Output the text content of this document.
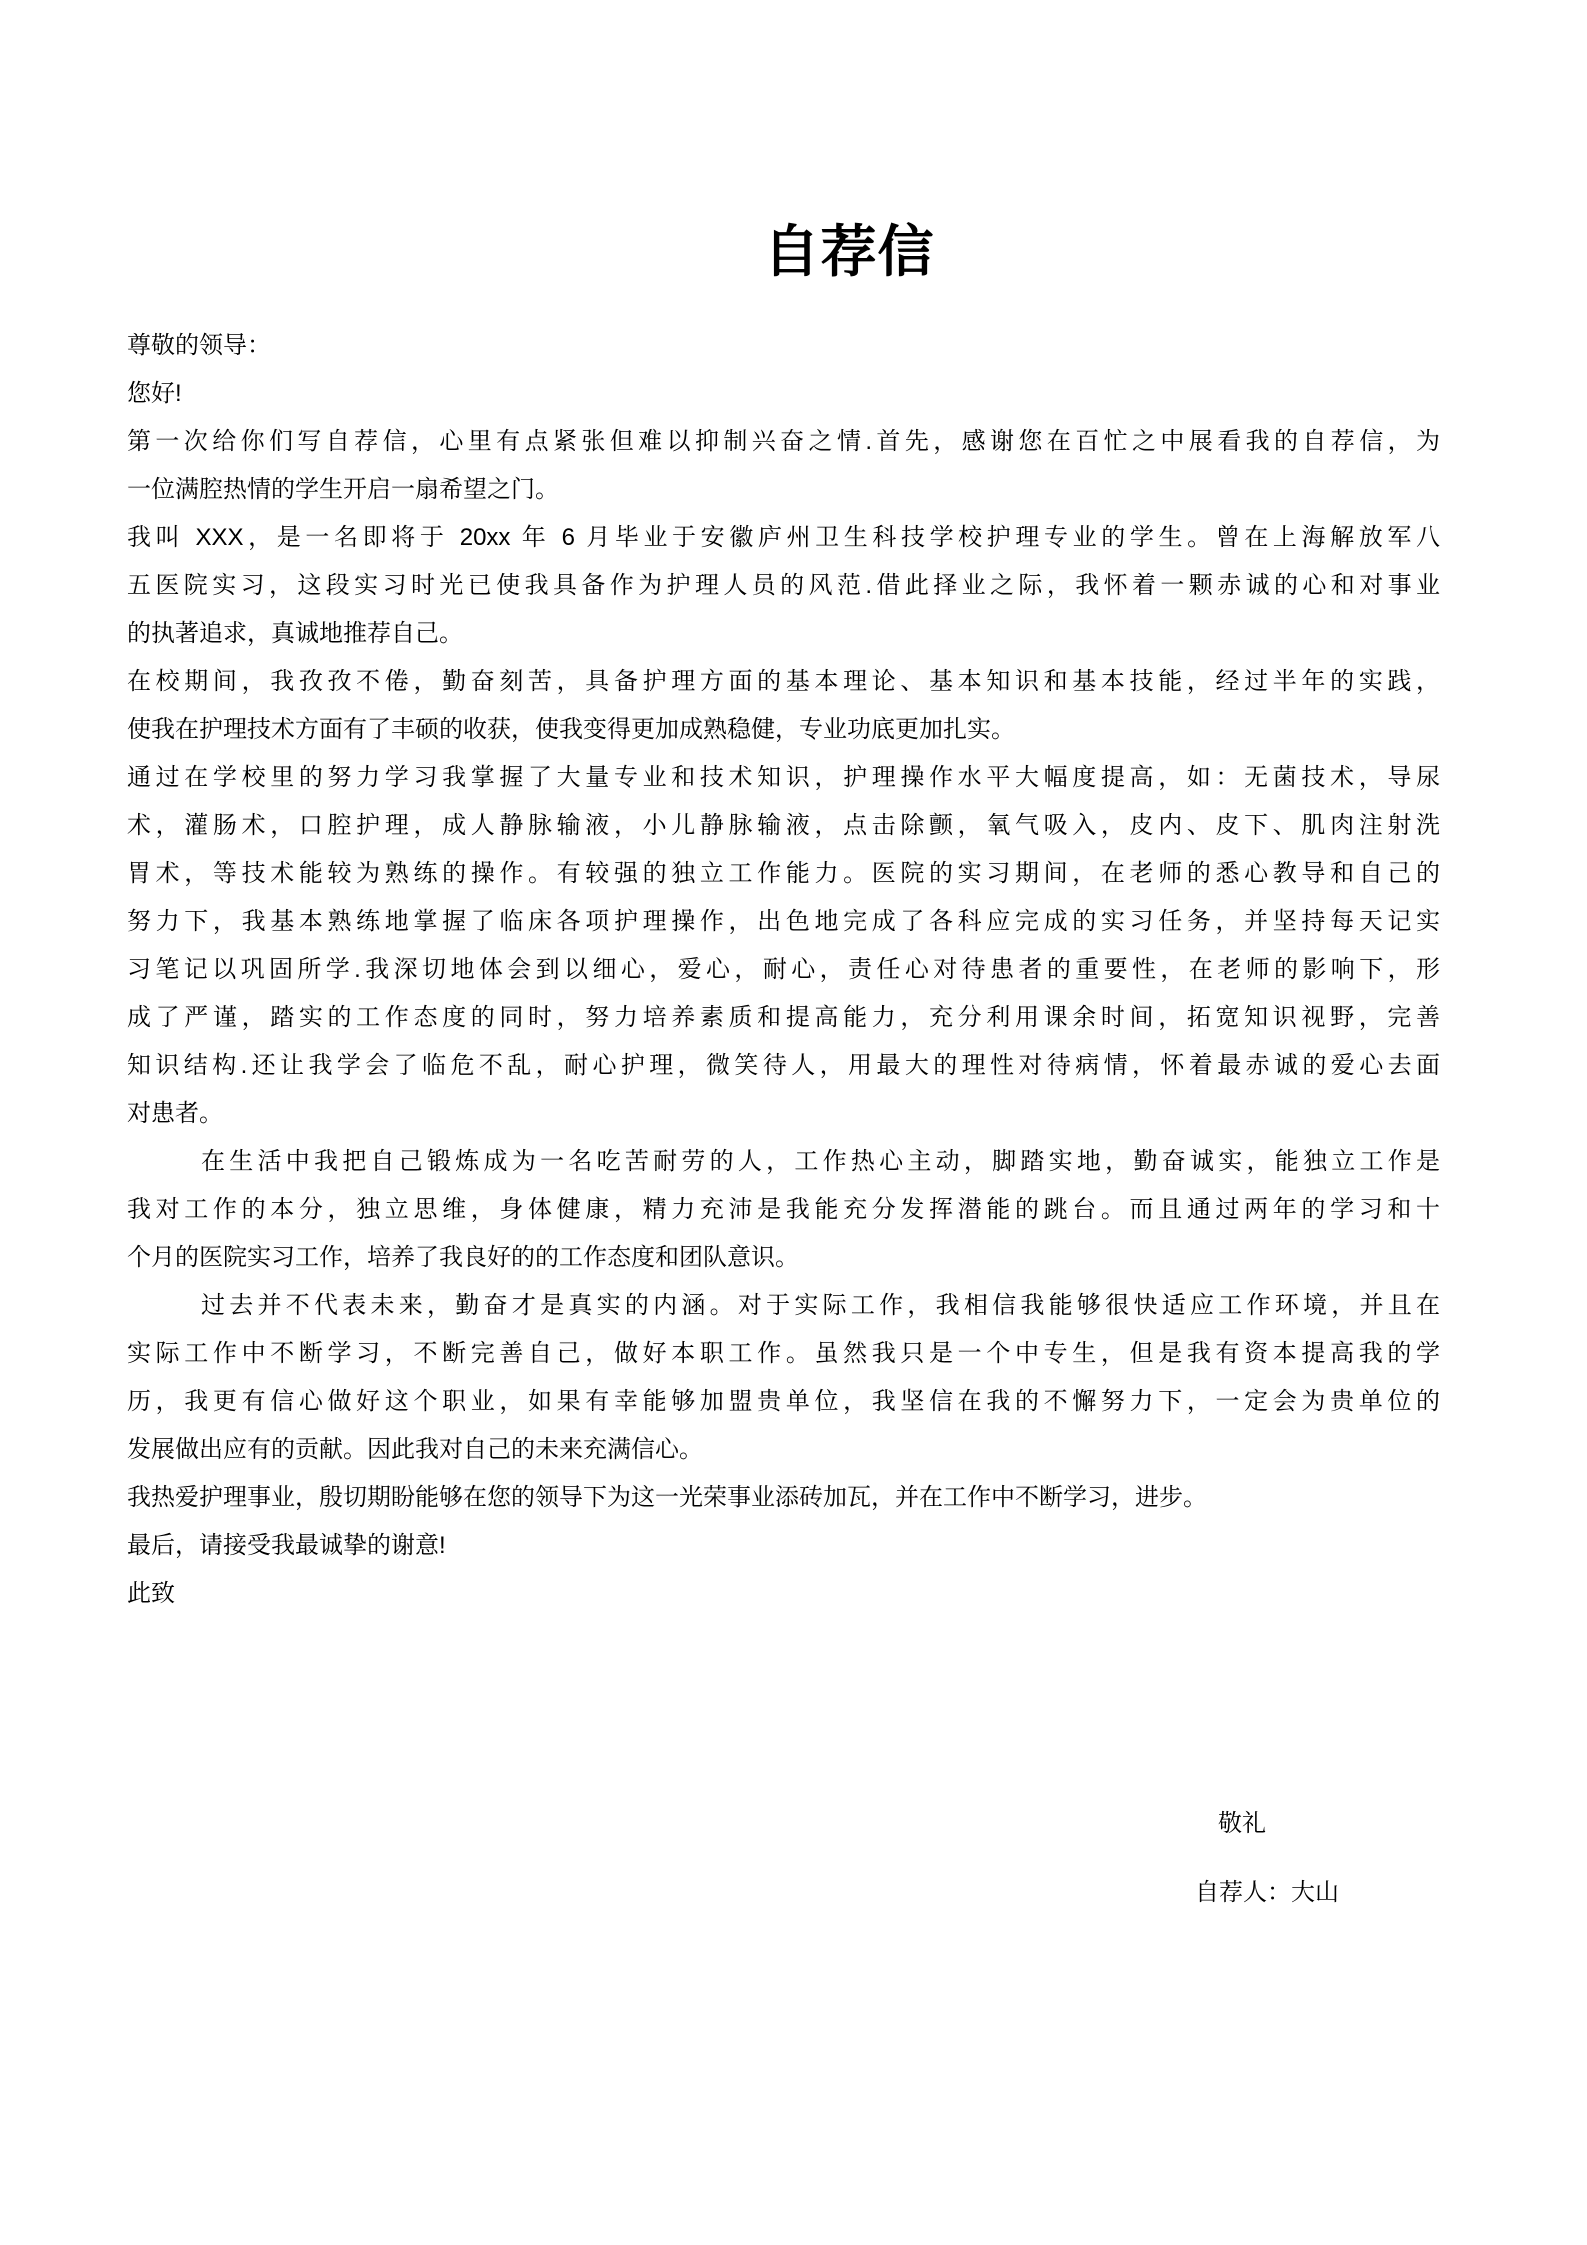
自荐信
尊敬的领导：
您好!
第一次给你们写自荐信，心里有点紧张但难以抑制兴奋之情.首先，感谢您在百忙之中展看我的自荐信，为
一位满腔热情的学生开启一扇希望之门。
我叫 XXX，是一名即将于 20xx 年 6 月毕业于安徽庐州卫生科技学校护理专业的学生。曾在上海解放军八
五医院实习，这段实习时光已使我具备作为护理人员的风范.借此择业之际，我怀着一颗赤诚的心和对事业
的执著追求，真诚地推荐自己。
在校期间，我孜孜不倦，勤奋刻苦，具备护理方面的基本理论、基本知识和基本技能，经过半年的实践，
使我在护理技术方面有了丰硕的收获，使我变得更加成熟稳健，专业功底更加扎实。
通过在学校里的努力学习我掌握了大量专业和技术知识，护理操作水平大幅度提高，如：无菌技术，导尿
术，灌肠术，口腔护理，成人静脉输液，小儿静脉输液，点击除颤，氧气吸入，皮内、皮下、肌肉注射洗
胃术，等技术能较为熟练的操作。有较强的独立工作能力。医院的实习期间，在老师的悉心教导和自己的
努力下，我基本熟练地掌握了临床各项护理操作，出色地完成了各科应完成的实习任务，并坚持每天记实
习笔记以巩固所学.我深切地体会到以细心，爱心，耐心，责任心对待患者的重要性，在老师的影响下，形
成了严谨，踏实的工作态度的同时，努力培养素质和提高能力，充分利用课余时间，拓宽知识视野，完善
知识结构.还让我学会了临危不乱，耐心护理，微笑待人，用最大的理性对待病情，怀着最赤诚的爱心去面
对患者。
在生活中我把自己锻炼成为一名吃苦耐劳的人，工作热心主动，脚踏实地，勤奋诚实，能独立工作是
我对工作的本分，独立思维，身体健康，精力充沛是我能充分发挥潜能的跳台。而且通过两年的学习和十
个月的医院实习工作，培养了我良好的的工作态度和团队意识。
过去并不代表未来，勤奋才是真实的内涵。对于实际工作，我相信我能够很快适应工作环境，并且在
实际工作中不断学习，不断完善自己，做好本职工作。虽然我只是一个中专生，但是我有资本提高我的学
历，我更有信心做好这个职业，如果有幸能够加盟贵单位，我坚信在我的不懈努力下，一定会为贵单位的
发展做出应有的贡献。因此我对自己的未来充满信心。
我热爱护理事业，殷切期盼能够在您的领导下为这一光荣事业添砖加瓦，并在工作中不断学习，进步。
最后，请接受我最诚挚的谢意!
此致
敬礼
自荐人：大山
